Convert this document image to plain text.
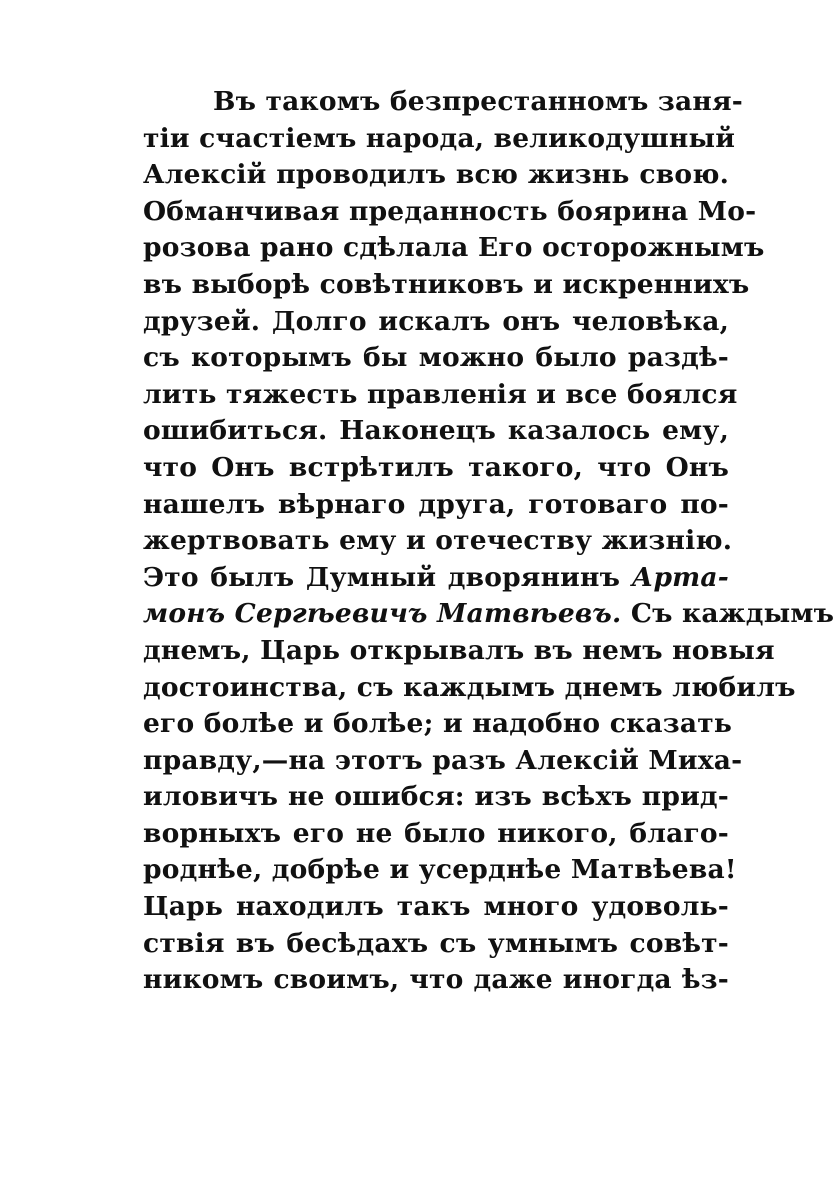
Въ такомъ безпрестанномъ заня-
тіи счастіемъ народа, великодушный
Алексій проводилъ всю жизнь свою.
Обманчивая преданность боярина Мо-
розова рано сдѣлала Его осторожнымъ
въ выборѣ совѣтниковъ и искреннихъ
друзей. Долго искалъ онъ человѣка,
съ которымъ бы можно было раздѣ-
лить тяжесть правленія и все боялся
ошибиться. Наконецъ казалось ему,
что Онъ встрѣтилъ такого, что Онъ
нашелъ вѣрнаго друга, готоваго по-
жертвовать ему и отечеству жизнію.
Это былъ Думный дворянинъ Арта-
монъ Сергѣевичъ Матвѣевъ. Съ каждымъ
днемъ, Царь открывалъ въ немъ новыя
достоинства, съ каждымъ днемъ любилъ
его болѣе и болѣе; и надобно сказать
правду,—на этотъ разъ Алексій Миха-
иловичъ не ошибся: изъ всѣхъ прид-
ворныхъ его не было никого, благо-
роднѣе, добрѣе и усерднѣе Матвѣева!
Царь находилъ такъ много удоволь-
ствія въ бесѣдахъ съ умнымъ совѣт-
никомъ своимъ, что даже иногда ѣз-
